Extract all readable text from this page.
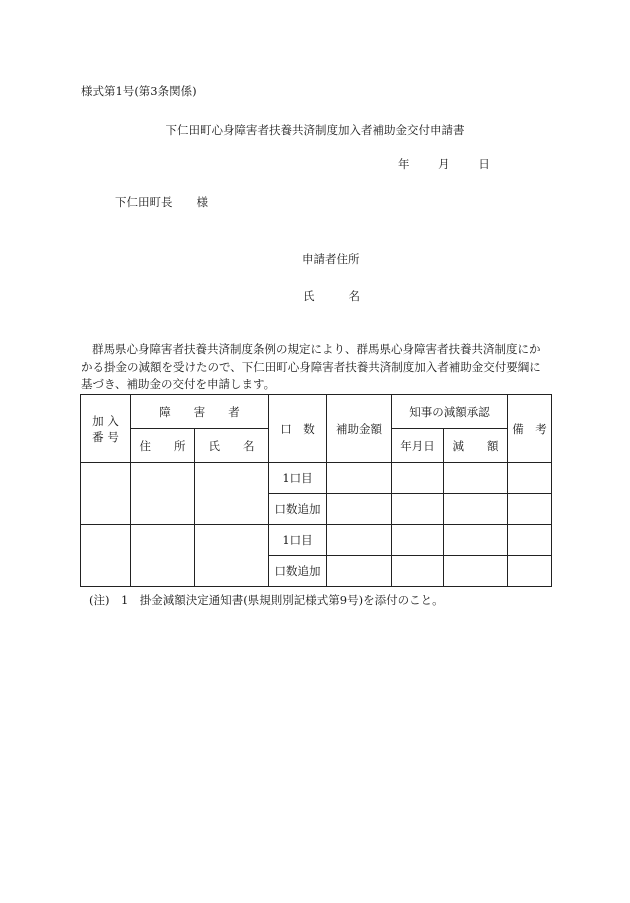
様式第1号(第3条関係)
下仁田町心身障害者扶養共済制度加入者補助金交付申請書
年 月 日
下仁田町長 様
申請者住所
氏	名

群馬県心身障害者扶養共済制度条例の規定により、群馬県心身障害者扶養共済制度にか

かる掛金の減額を受けたので、下仁田町心身障害者扶養共済制度加入者補助金交付要綱に

基づき、補助金の交付を申請します。

加 入
番 号	障　　害　　者		口　数	補助金額	知事の減額承認		備　考
	住　　所	氏　　名			年月日	減　　額	
			1口目				
			口数追加				
			1口目				
			口数追加				
(注)　1　掛金減額決定通知書(県規則別記様式第9号)を添付のこと。
